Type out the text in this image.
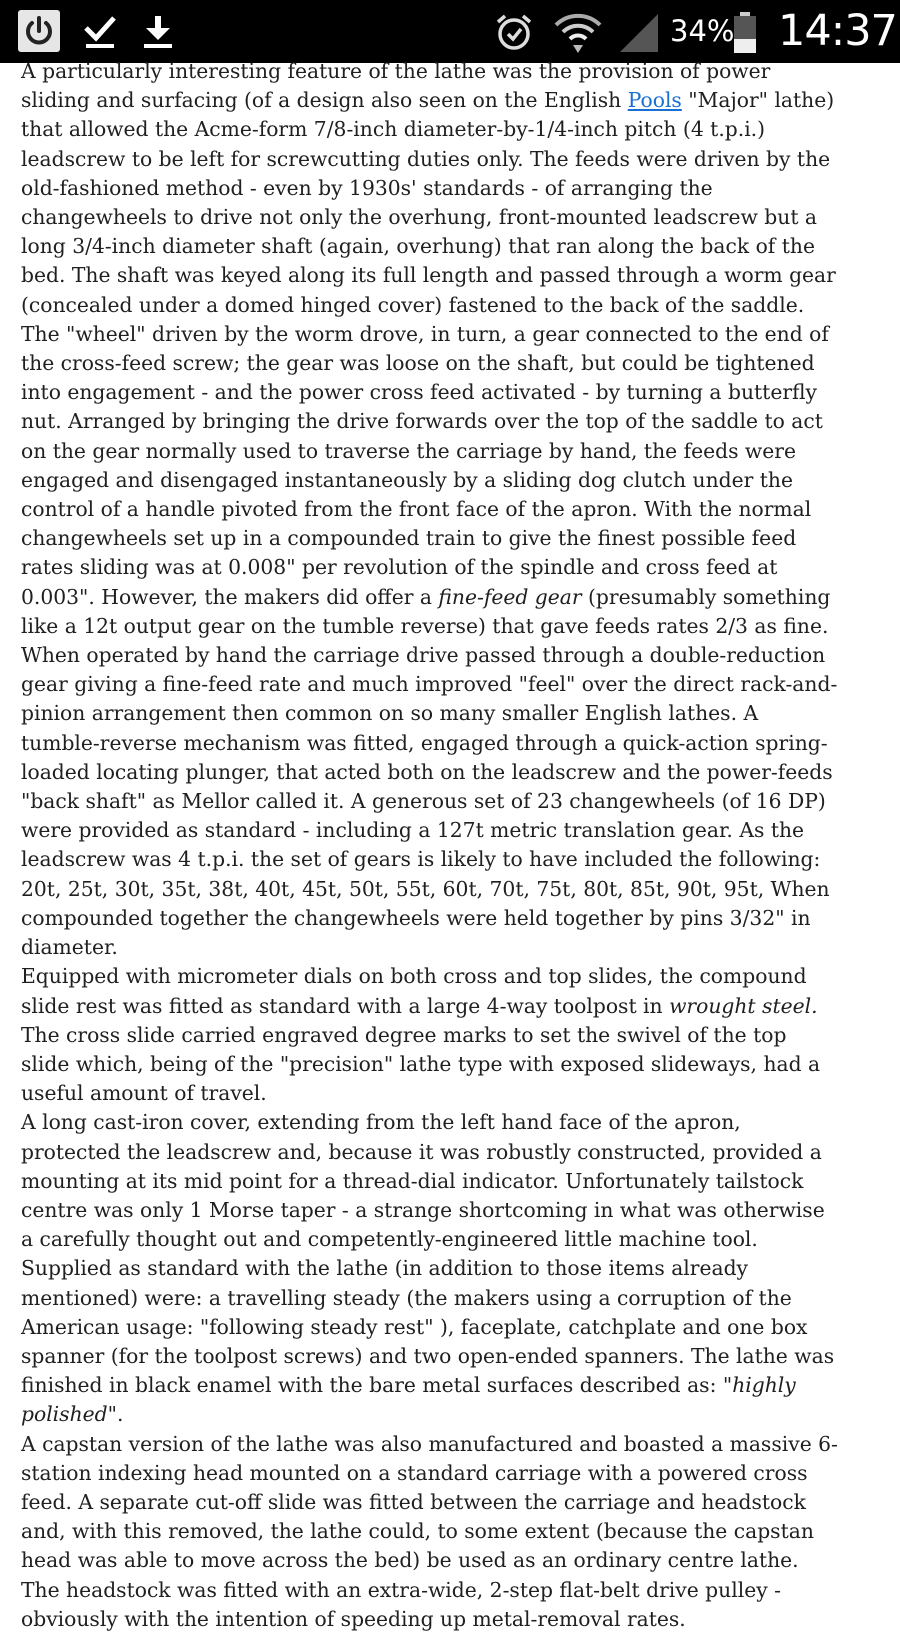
34% 14:37

A particularly interesting feature of the lathe was the provision of power sliding and surfacing (of a design also seen on the English Pools "Major" lathe) that allowed the Acme-form 7/8-inch diameter-by-1/4-inch pitch (4 t.p.i.) leadscrew to be left for screwcutting duties only. The feeds were driven by the old-fashioned method - even by 1930s' standards - of arranging the changewheels to drive not only the overhung, front-mounted leadscrew but a long 3/4-inch diameter shaft (again, overhung) that ran along the back of the bed. The shaft was keyed along its full length and passed through a worm gear (concealed under a domed hinged cover) fastened to the back of the saddle. The "wheel" driven by the worm drove, in turn, a gear connected to the end of the cross-feed screw; the gear was loose on the shaft, but could be tightened into engagement - and the power cross feed activated - by turning a butterfly nut. Arranged by bringing the drive forwards over the top of the saddle to act on the gear normally used to traverse the carriage by hand, the feeds were engaged and disengaged instantaneously by a sliding dog clutch under the control of a handle pivoted from the front face of the apron. With the normal changewheels set up in a compounded train to give the finest possible feed rates sliding was at 0.008" per revolution of the spindle and cross feed at 0.003". However, the makers did offer a fine-feed gear (presumably something like a 12t output gear on the tumble reverse) that gave feeds rates 2/3 as fine.

When operated by hand the carriage drive passed through a double-reduction gear giving a fine-feed rate and much improved "feel" over the direct rack-and-pinion arrangement then common on so many smaller English lathes. A tumble-reverse mechanism was fitted, engaged through a quick-action spring-loaded locating plunger, that acted both on the leadscrew and the power-feeds "back shaft" as Mellor called it. A generous set of 23 changewheels (of 16 DP) were provided as standard - including a 127t metric translation gear. As the leadscrew was 4 t.p.i. the set of gears is likely to have included the following: 20t, 25t, 30t, 35t, 38t, 40t, 45t, 50t, 55t, 60t, 70t, 75t, 80t, 85t, 90t, 95t, When compounded together the changewheels were held together by pins 3/32" in diameter.

Equipped with micrometer dials on both cross and top slides, the compound slide rest was fitted as standard with a large 4-way toolpost in wrought steel. The cross slide carried engraved degree marks to set the swivel of the top slide which, being of the "precision" lathe type with exposed slideways, had a useful amount of travel.

A long cast-iron cover, extending from the left hand face of the apron, protected the leadscrew and, because it was robustly constructed, provided a mounting at its mid point for a thread-dial indicator. Unfortunately tailstock centre was only 1 Morse taper - a strange shortcoming in what was otherwise a carefully thought out and competently-engineered little machine tool.

Supplied as standard with the lathe (in addition to those items already mentioned) were: a travelling steady (the makers using a corruption of the American usage: "following steady rest" ), faceplate, catchplate and one box spanner (for the toolpost screws) and two open-ended spanners. The lathe was finished in black enamel with the bare metal surfaces described as: "highly polished".

A capstan version of the lathe was also manufactured and boasted a massive 6-station indexing head mounted on a standard carriage with a powered cross feed. A separate cut-off slide was fitted between the carriage and headstock and, with this removed, the lathe could, to some extent (because the capstan head was able to move across the bed) be used as an ordinary centre lathe. The headstock was fitted with an extra-wide, 2-step flat-belt drive pulley - obviously with the intention of speeding up metal-removal rates.
